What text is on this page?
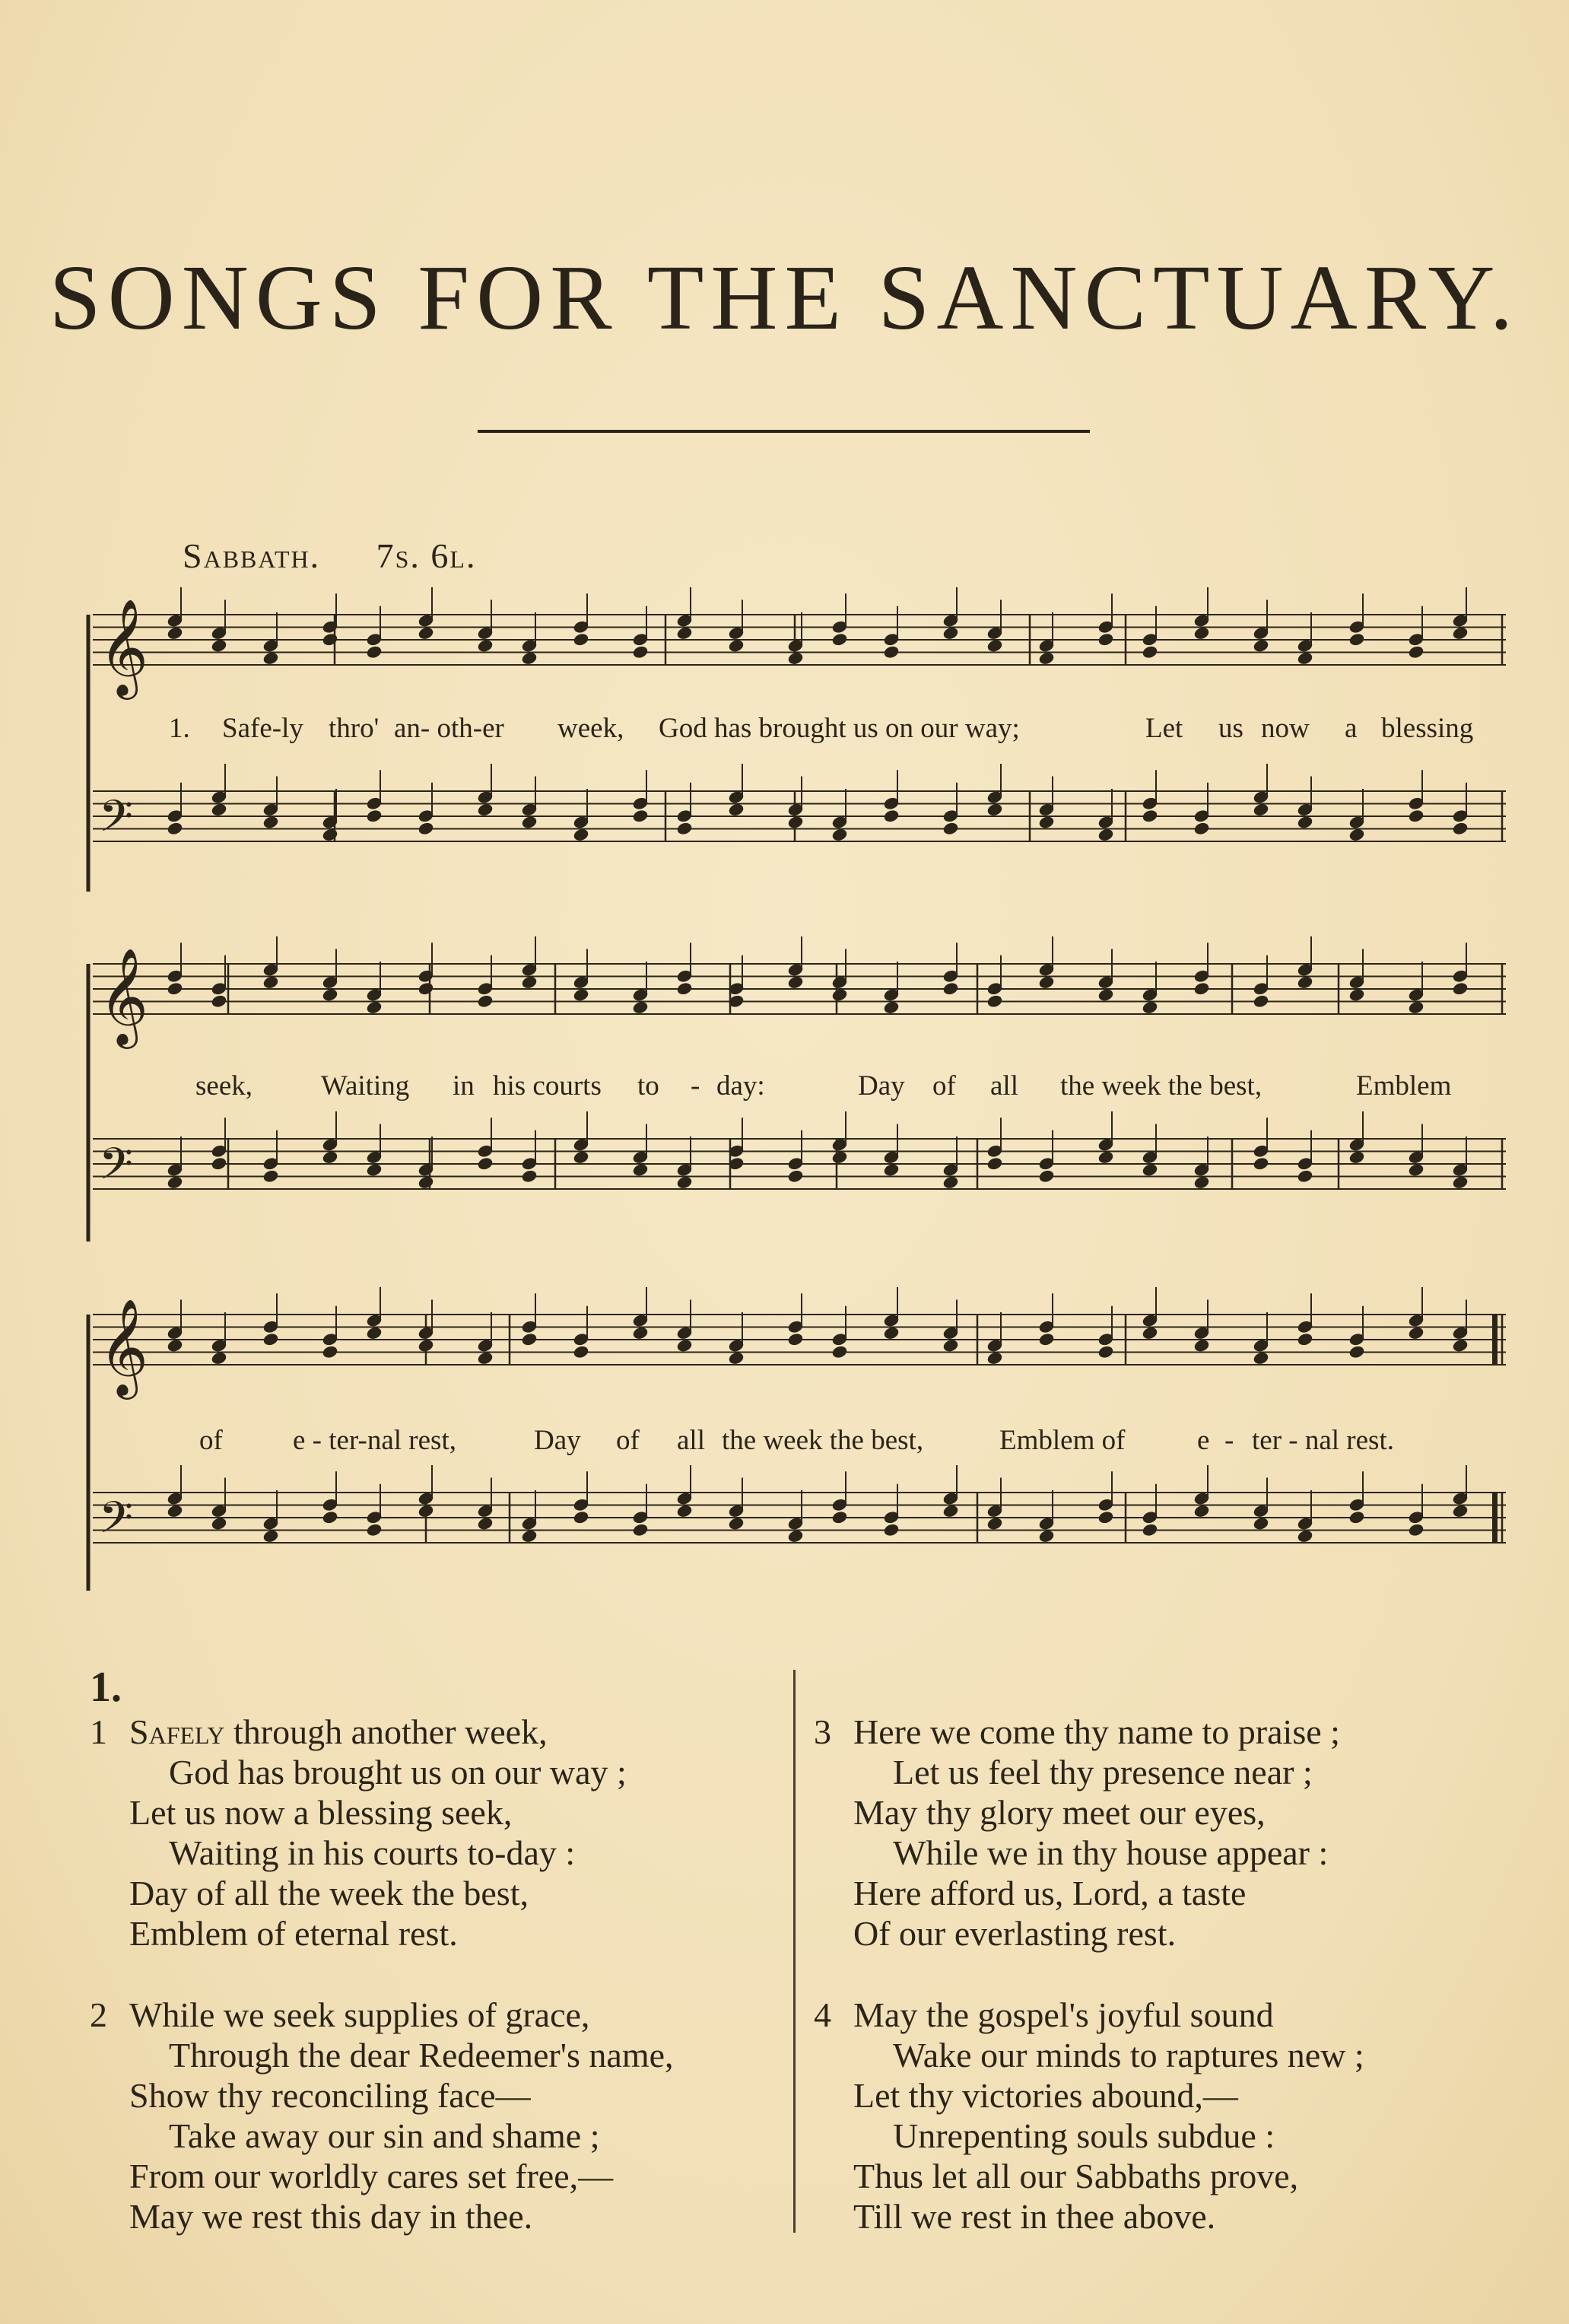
SONGS FOR THE SANCTUARY.
Sabbath. 7s. 6l.
𝄞
𝄢
𝄞
𝄢
𝄞
𝄢
1. Safe-ly thro' an- oth-er week, God has brought us on our way;	Let us now a blessing
seek, Waiting in his courts to - day:	Day of all the week the best,	Emblem
of e - ter-nal rest,	Day of all the week the best,	Emblem of	e - ter - nal rest.
1.
1 Safely through another week,
God has brought us on our way ;
Let us now a blessing seek,
Waiting in his courts to-day :
Day of all the week the best,
Emblem of eternal rest.
2 While we seek supplies of grace,
Through the dear Redeemer's name,
Show thy reconciling face—
Take away our sin and shame ;
From our worldly cares set free,—
May we rest this day in thee.
3 Here we come thy name to praise ;
Let us feel thy presence near ;
May thy glory meet our eyes,
While we in thy house appear :
Here afford us, Lord, a taste
Of our everlasting rest.
4 May the gospel's joyful sound
Wake our minds to raptures new ;
Let thy victories abound,—
Unrepenting souls subdue :
Thus let all our Sabbaths prove,
Till we rest in thee above.
